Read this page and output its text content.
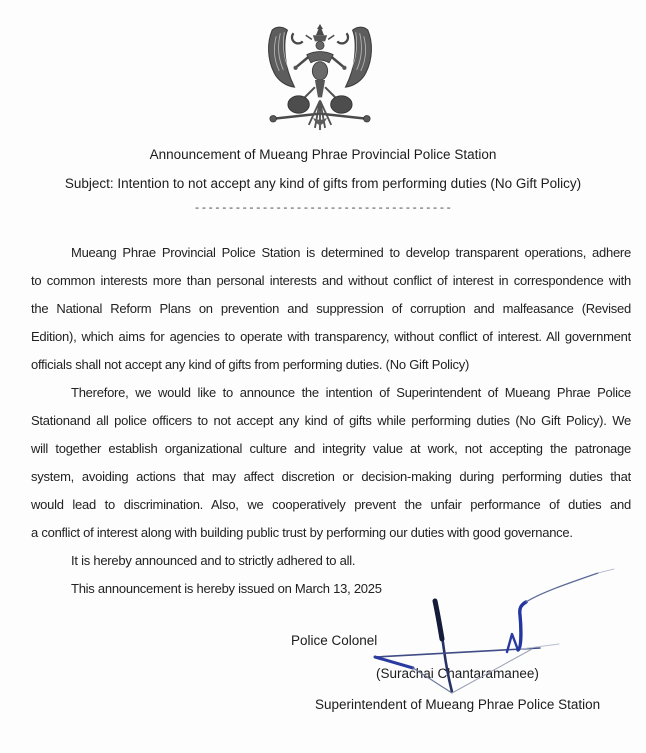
Announcement of Mueang Phrae Provincial Police Station
Subject: Intention to not accept any kind of gifts from performing duties (No Gift Policy)
--------------------------------------
Mueang Phrae Provincial Police Station is determined to develop transparent operations, adhere
to common interests more than personal interests and without conflict of interest in correspondence with
the National Reform Plans on prevention and suppression of corruption and malfeasance (Revised
Edition), which aims for agencies to operate with transparency, without conflict of interest. All government
officials shall not accept any kind of gifts from performing duties. (No Gift Policy)
Therefore, we would like to announce the intention of Superintendent of Mueang Phrae Police
Stationand all police officers to not accept any kind of gifts while performing duties (No Gift Policy). We
will together establish organizational culture and integrity value at work, not accepting the patronage
system, avoiding actions that may affect discretion or decision-making during performing duties that
would lead to discrimination. Also, we cooperatively prevent the unfair performance of duties and
a conflict of interest along with building public trust by performing our duties with good governance.
It is hereby announced and to strictly adhered to all.
This announcement is hereby issued on March 13, 2025
Police Colonel
(Surachai Chantaramanee)
Superintendent of Mueang Phrae Police Station
